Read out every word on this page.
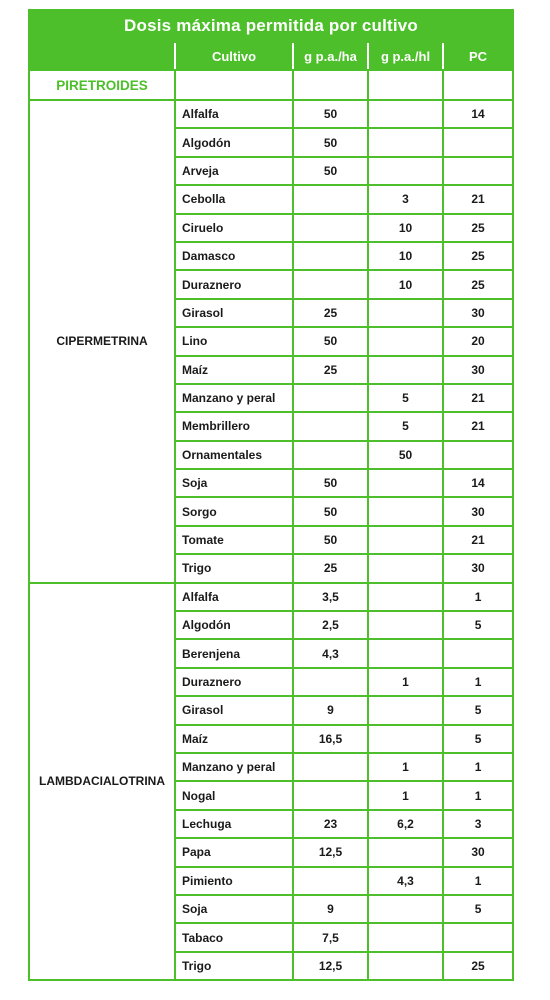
Dosis máxima permitida por cultivo				
	Cultivo	g p.a./ha	g p.a./hl	PC
PIRETROIDES				
CIPERMETRINA	Alfalfa	50		14
	Algodón	50		
	Arveja	50		
	Cebolla		3	21
	Ciruelo		10	25
	Damasco		10	25
	Duraznero		10	25
	Girasol	25		30
	Lino	50		20
	Maíz	25		30
	Manzano y peral		5	21
	Membrillero		5	21
	Ornamentales		50	
	Soja	50		14
	Sorgo	50		30
	Tomate	50		21
	Trigo	25		30
LAMBDACIALOTRINA	Alfalfa	3,5		1
	Algodón	2,5		5
	Berenjena	4,3		
	Duraznero		1	1
	Girasol	9		5
	Maíz	16,5		5
	Manzano y peral		1	1
	Nogal		1	1
	Lechuga	23	6,2	3
	Papa	12,5		30
	Pimiento		4,3	1
	Soja	9		5
	Tabaco	7,5		
	Trigo	12,5		25
